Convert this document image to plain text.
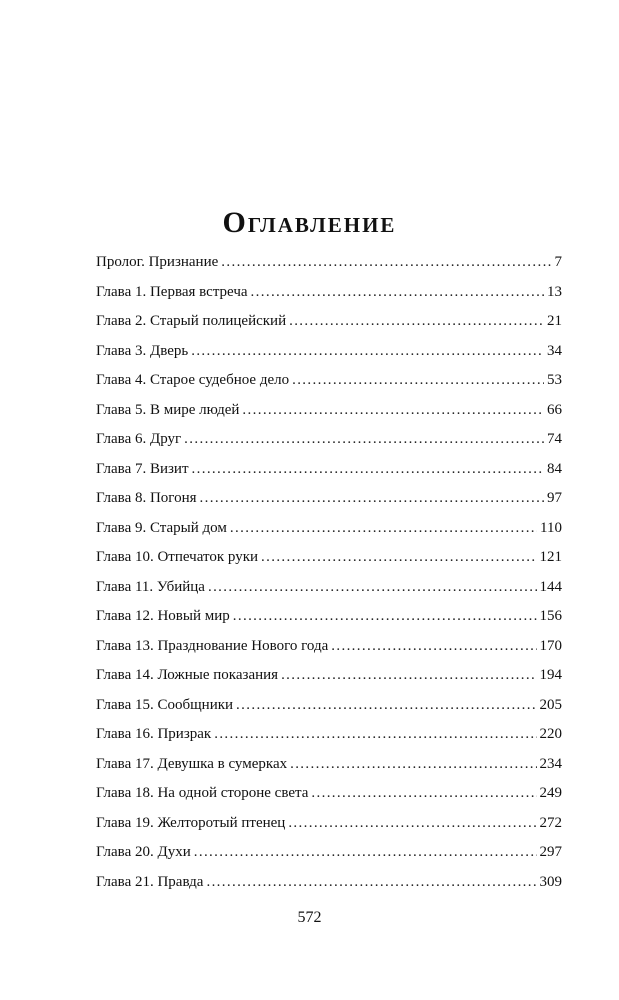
Оглавление
Пролог. Признание . . .	7
Глава 1. Первая встреча . . .	13
Глава 2. Старый полицейский . . .	21
Глава 3. Дверь . . .	34
Глава 4. Старое судебное дело . . .	53
Глава 5. В мире людей . . .	66
Глава 6. Друг . . .	74
Глава 7. Визит . . .	84
Глава 8. Погоня . . .	97
Глава 9. Старый дом . . .	110
Глава 10. Отпечаток руки . . .	121
Глава 11. Убийца . . .	144
Глава 12. Новый мир . . .	156
Глава 13. Празднование Нового года . . .	170
Глава 14. Ложные показания . . .	194
Глава 15. Сообщники . . .	205
Глава 16. Призрак . . .	220
Глава 17. Девушка в сумерках . . .	234
Глава 18. На одной стороне света . . .	249
Глава 19. Желторотый птенец . . .	272
Глава 20. Духи . . .	297
Глава 21. Правда . . .	309
572
